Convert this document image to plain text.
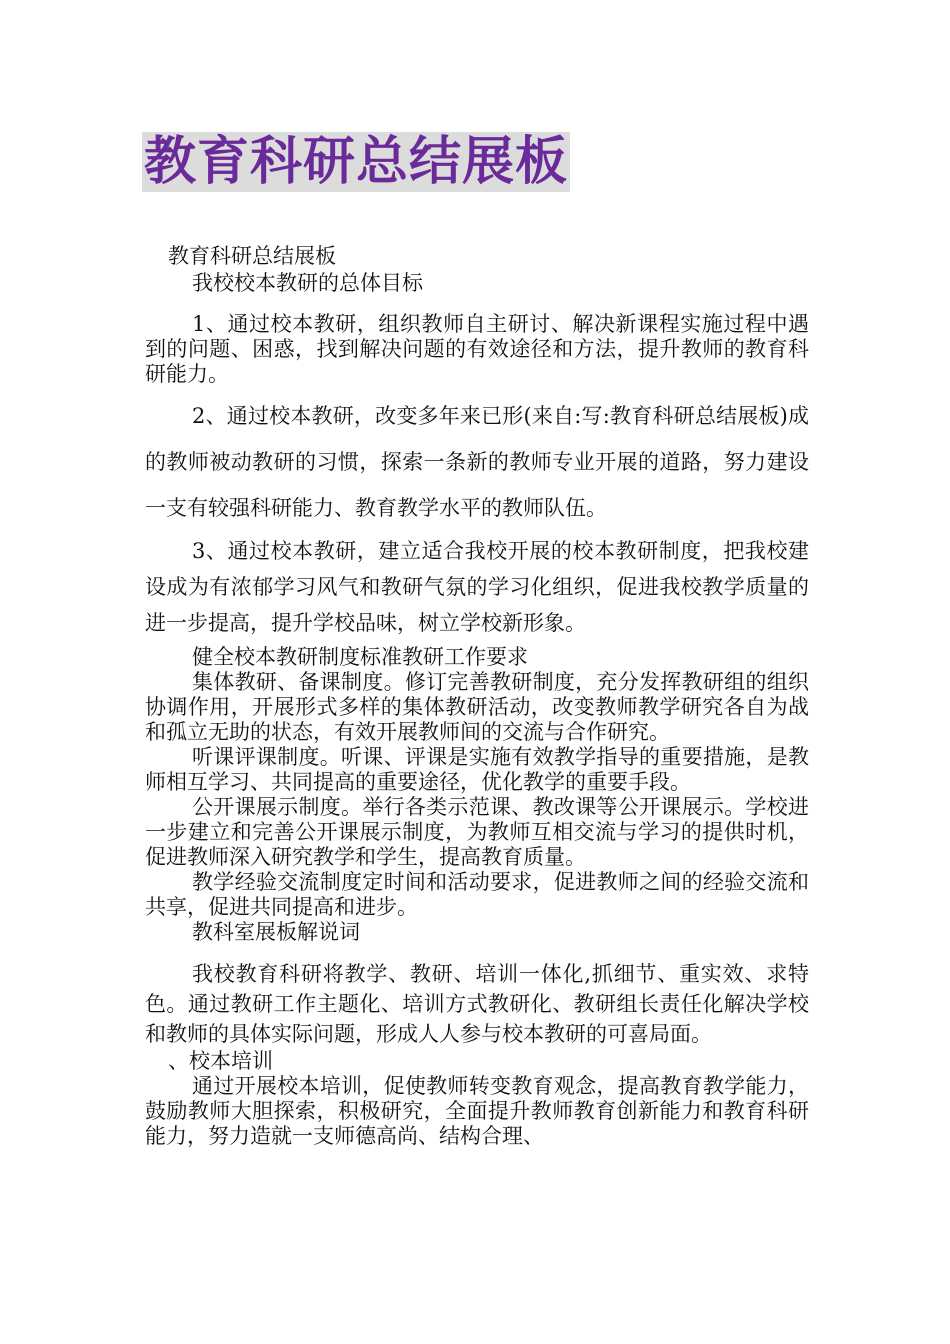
教育科研总结展板

教育科研总结展板

我校校本教研的总体目标

1、通过校本教研，组织教师自主研讨、解决新课程实施过程中遇到的问题、困惑，找到解决问题的有效途径和方法，提升教师的教育科研能力。

2、通过校本教研，改变多年来已形(来自:写:教育科研总结展板)成的教师被动教研的习惯，探索一条新的教师专业开展的道路，努力建设一支有较强科研能力、教育教学水平的教师队伍。

3、通过校本教研，建立适合我校开展的校本教研制度，把我校建设成为有浓郁学习风气和教研气氛的学习化组织，促进我校教学质量的进一步提高，提升学校品味，树立学校新形象。

健全校本教研制度标准教研工作要求

集体教研、备课制度。修订完善教研制度，充分发挥教研组的组织协调作用，开展形式多样的集体教研活动，改变教师教学研究各自为战和孤立无助的状态，有效开展教师间的交流与合作研究。

听课评课制度。听课、评课是实施有效教学指导的重要措施，是教师相互学习、共同提高的重要途径，优化教学的重要手段。

公开课展示制度。举行各类示范课、教改课等公开课展示。学校进一步建立和完善公开课展示制度，为教师互相交流与学习的提供时机，促进教师深入研究教学和学生，提高教育质量。

教学经验交流制度定时间和活动要求，促进教师之间的经验交流和共享，促进共同提高和进步。

教科室展板解说词

我校教育科研将教学、教研、培训一体化,抓细节、重实效、求特色。通过教研工作主题化、培训方式教研化、教研组长责任化解决学校和教师的具体实际问题，形成人人参与校本教研的可喜局面。

、校本培训

通过开展校本培训，促使教师转变教育观念，提高教育教学能力，鼓励教师大胆探索，积极研究，全面提升教师教育创新能力和教育科研能力，努力造就一支师德高尚、结构合理、
